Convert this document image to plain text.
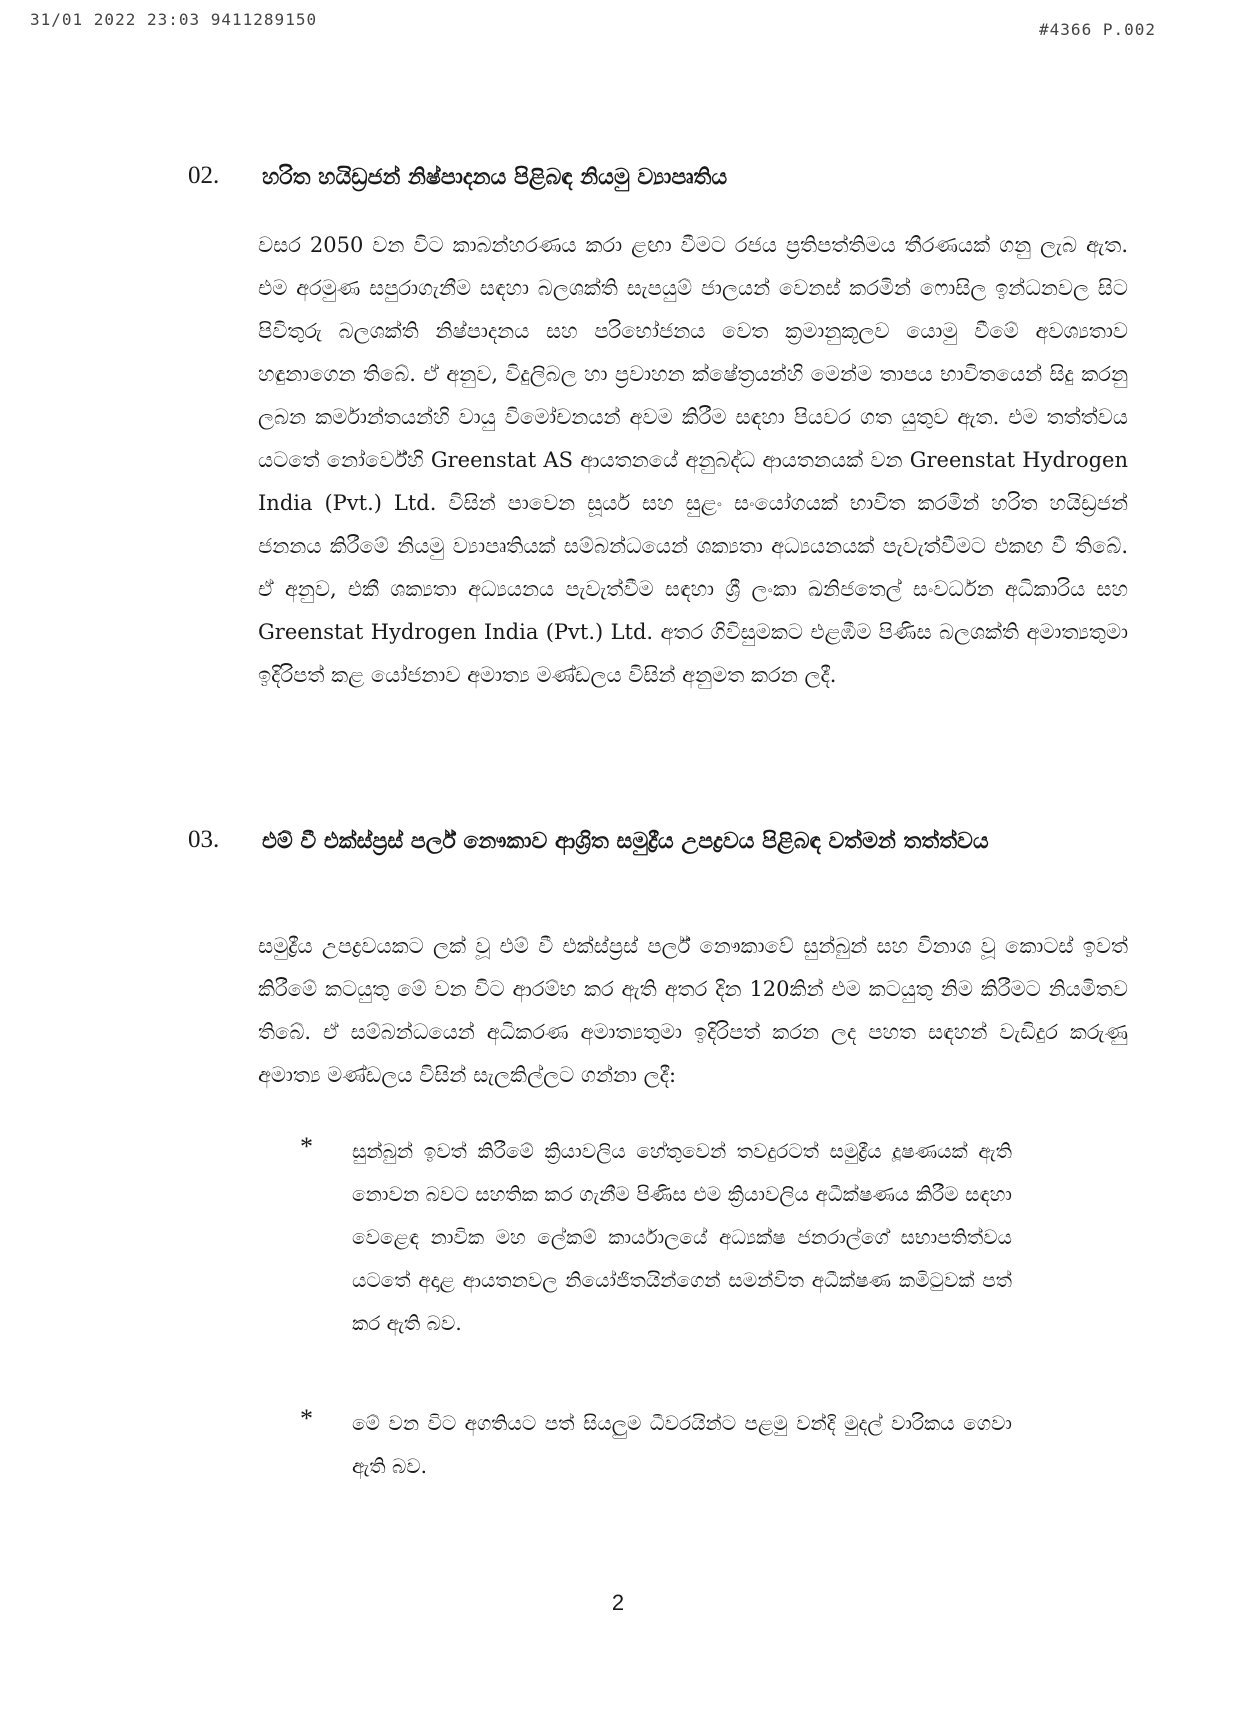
31/01 2022 23:03 9411289150
#4366 P.002
02. හරිත හයිඩ්‍රජන් නිෂ්පාදනය පිළිබඳ නියමු ව්‍යාපෘතිය
වසර 2050 වන විට කාබන්හරණය කරා ළඟා වීමට රජය ප්‍රතිපත්තිමය තීරණයක් ගනු ලැබ ඇත. එම අරමුණ සපුරාගැනීම සඳහා බලශක්ති සැපයුම් ජාලයන් වෙනස් කරමින් ෆොසිල ඉන්ධනවල සිට පිවිතුරු බලශක්ති නිෂ්පාදනය සහ පරිභෝජනය වෙත ක්‍රමානුකූලව යොමු වීමේ අවශ්‍යතාව හඳුනාගෙන තිබේ. ඒ අනුව, විදුලිබල හා ප්‍රවාහන ක්ෂේත්‍රයන්හි මෙන්ම තාපය භාවිතයෙන් සිදු කරනු ලබන කර්මාන්තයන්හි වායු විමෝචනයන් අවම කිරීම සඳහා පියවර ගත යුතුව ඇත. එම තත්ත්වය යටතේ නෝර්වේහි Greenstat AS ආයතනයේ අනුබද්ධ ආයතනයක් වන Greenstat Hydrogen India (Pvt.) Ltd. විසින් පාවෙන සූර්ය සහ සුළං සංයෝගයක් භාවිත කරමින් හරිත හයිඩ්‍රජන් ජනනය කිරීමේ නියමු ව්‍යාපෘතියක් සම්බන්ධයෙන් ශක්‍යතා අධ්‍යයනයක් පැවැත්වීමට එකඟ වී තිබේ. ඒ අනුව, එකී ශක්‍යතා අධ්‍යයනය පැවැත්වීම සඳහා ශ්‍රී ලංකා ඛනිජතෙල් සංවර්ධන අධිකාරිය සහ Greenstat Hydrogen India (Pvt.) Ltd. අතර ගිවිසුමකට එළඹීම පිණිස බලශක්ති අමාත්‍යතුමා ඉදිරිපත් කළ යෝජනාව අමාත්‍ය මණ්ඩලය විසින් අනුමත කරන ලදී.
03. එම් වී එක්ස්ප්‍රස් පර්ල් නෞකාව ආශ්‍රිත සමුද්‍රීය උපද්‍රවය පිළිබඳ වත්මන් තත්ත්වය
සමුද්‍රීය උපද්‍රවයකට ලක් වූ එම් වී එක්ස්ප්‍රස් පර්ල් නෞකාවේ සුන්බුන් සහ විනාශ වූ කොටස් ඉවත් කිරීමේ කටයුතු මේ වන විට ආරම්භ කර ඇති අතර දින 120කින් එම කටයුතු නිම කිරීමට නියමිතව තිබේ. ඒ සම්බන්ධයෙන් අධිකරණ අමාත්‍යතුමා ඉදිරිපත් කරන ලද පහත සඳහන් වැඩිදුර කරුණු අමාත්‍ය මණ්ඩලය විසින් සැලකිල්ලට ගන්නා ලදී:
* සුන්බුන් ඉවත් කිරීමේ ක්‍රියාවලිය හේතුවෙන් තවදුරටත් සමුද්‍රීය දූෂණයක් ඇති නොවන බවට සහතික කර ගැනීම පිණිස එම ක්‍රියාවලිය අධීක්ෂණය කිරීම සඳහා වෙළෙඳ නාවික මහ ලේකම් කාර්යාලයේ අධ්‍යක්ෂ ජනරාල්ගේ සභාපතිත්වය යටතේ අදාළ ආයතනවල නියෝජිතයින්ගෙන් සමන්විත අධීක්ෂණ කමිටුවක් පත් කර ඇති බව.
* මේ වන විට අගතියට පත් සියලුම ධීවරයින්ට පළමු වන්දි මුදල් වාරිකය ගෙවා ඇති බව.
2
